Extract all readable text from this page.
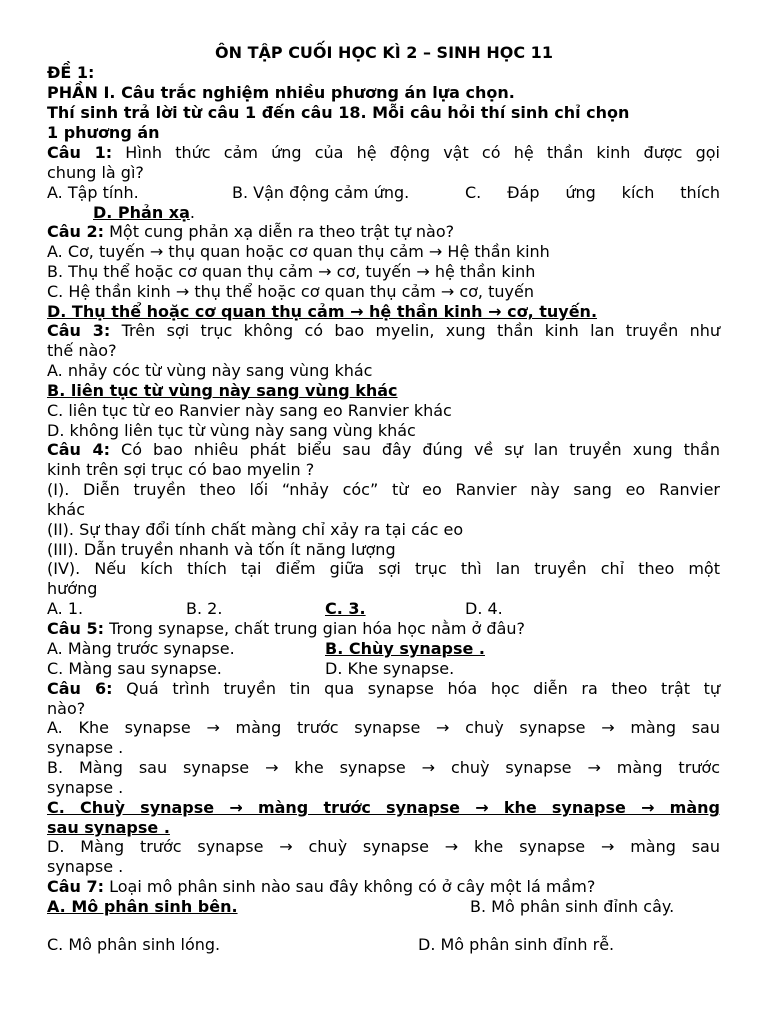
ÔN TẬP CUỐI HỌC KÌ 2 – SINH HỌC 11
ĐỀ 1:
PHẦN I. Câu trắc nghiệm nhiều phương án lựa chọn.
Thí sinh trả lời từ câu 1 đến câu 18. Mỗi câu hỏi thí sinh chỉ chọn
1 phương án
Câu 1: Hình thức cảm ứng của hệ động vật có hệ thần kinh được gọi
chung là gì?
A. Tập tính.	B. Vận động cảm ứng.	C. Đáp ứng kích thích
D. Phản xạ.
Câu 2: Một cung phản xạ diễn ra theo trật tự nào?
A. Cơ, tuyến → thụ quan hoặc cơ quan thụ cảm → Hệ thần kinh
B. Thụ thể hoặc cơ quan thụ cảm → cơ, tuyến → hệ thần kinh
C. Hệ thần kinh → thụ thể hoặc cơ quan thụ cảm → cơ, tuyến
D. Thụ thể hoặc cơ quan thụ cảm → hệ thần kinh → cơ, tuyến.
Câu 3: Trên sợi trục không có bao myelin, xung thần kinh lan truyền như
thế nào?
A. nhảy cóc từ vùng này sang vùng khác
B. liên tục từ vùng này sang vùng khác
C. liên tục từ eo Ranvier này sang eo Ranvier khác
D. không liên tục từ vùng này sang vùng khác
Câu 4: Có bao nhiêu phát biểu sau đây đúng về sự lan truyền xung thần
kinh trên sợi trục có bao myelin ?
(I). Diễn truyền theo lối “nhảy cóc” từ eo Ranvier này sang eo Ranvier
khác
(II). Sự thay đổi tính chất màng chỉ xảy ra tại các eo
(III). Dẫn truyền nhanh và tốn ít năng lượng
(IV). Nếu kích thích tại điểm giữa sợi trục thì lan truyền chỉ theo một
hướng
A. 1.	B. 2.	C. 3.	D. 4.
Câu 5: Trong synapse, chất trung gian hóa học nằm ở đâu?
A. Màng trước synapse.	B. Chùy synapse .
C. Màng sau synapse.	D. Khe synapse.
Câu 6: Quá trình truyền tin qua synapse hóa học diễn ra theo trật tự
nào?
A. Khe synapse → màng trước synapse → chuỳ synapse → màng sau
synapse .
B. Màng sau synapse → khe synapse → chuỳ synapse → màng trước
synapse .
C. Chuỳ synapse → màng trước synapse → khe synapse → màng
sau synapse .
D. Màng trước synapse → chuỳ synapse → khe synapse → màng sau
synapse .
Câu 7: Loại mô phân sinh nào sau đây không có ở cây một lá mầm?
A. Mô phân sinh bên.	B. Mô phân sinh đỉnh cây.
C. Mô phân sinh lóng.	D. Mô phân sinh đỉnh rễ.
